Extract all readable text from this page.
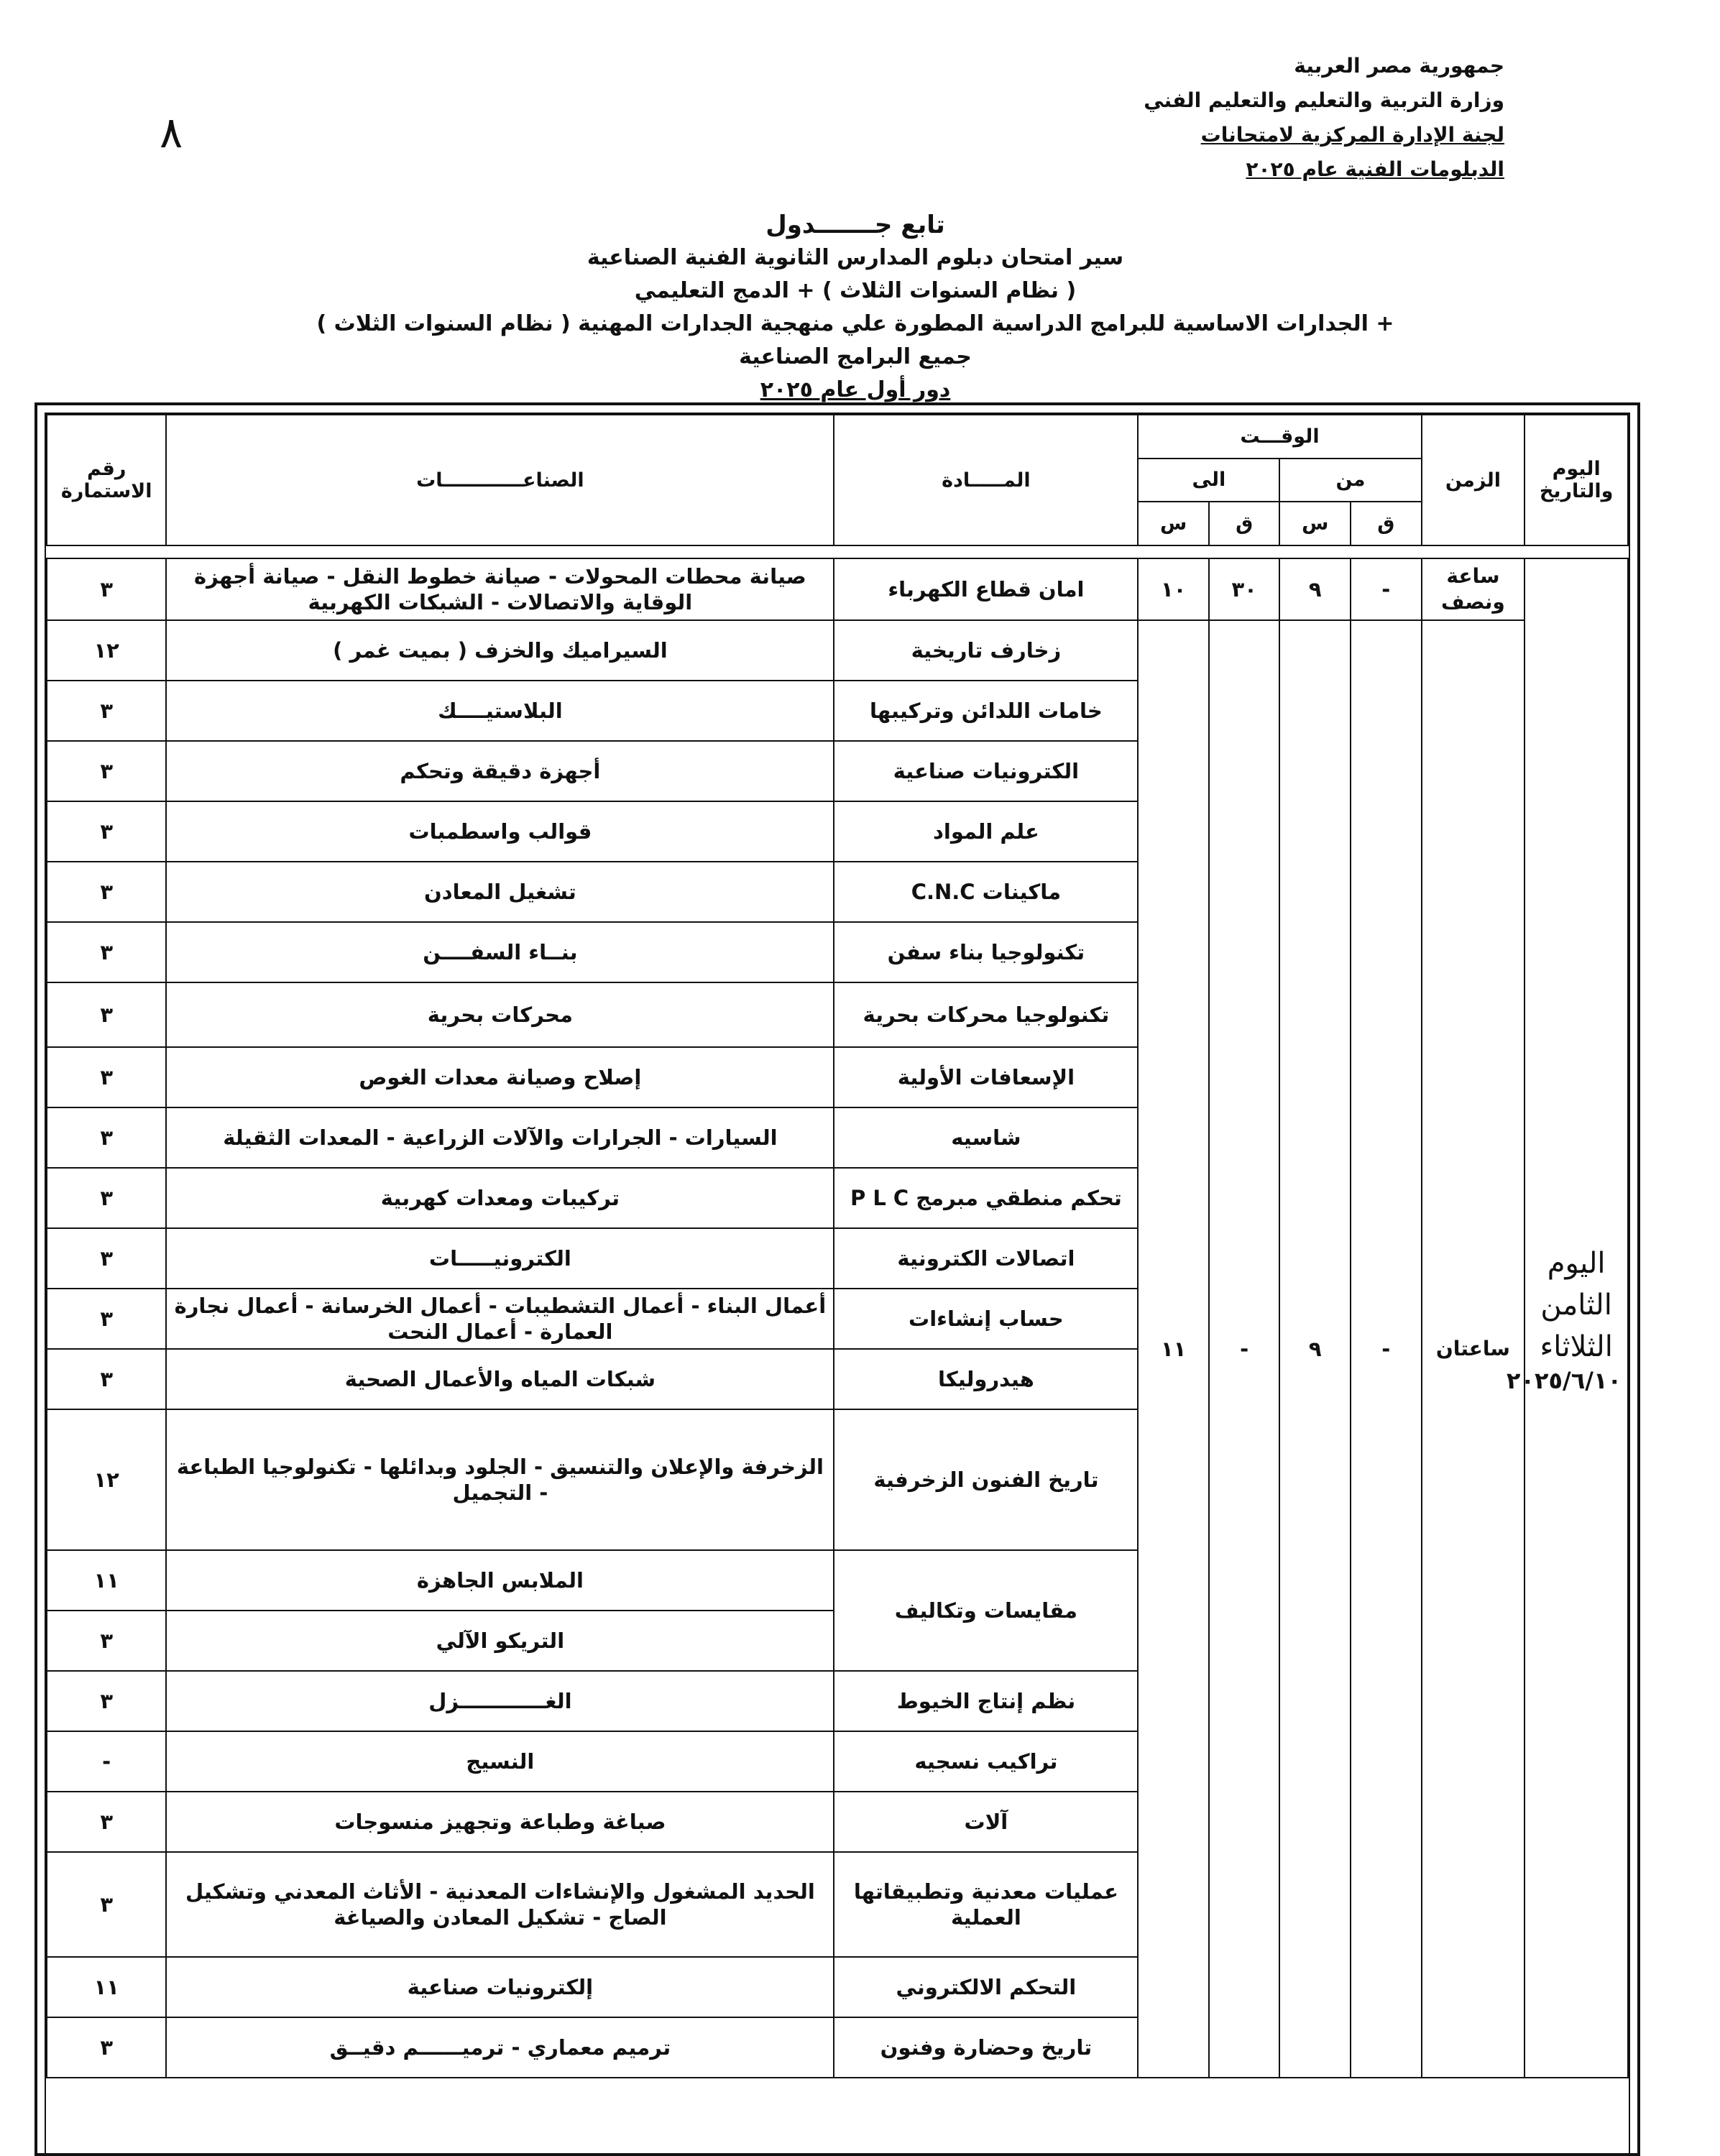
جمهورية مصر العربية
وزارة التربية والتعليم والتعليم الفني
لجنة الإدارة المركزية لامتحانات
الدبلومات الفنية عام ٢٠٢٥
٨
تابع جـــــــدول
سير امتحان دبلوم المدارس الثانوية الفنية الصناعية
( نظام السنوات الثلاث ) + الدمج التعليمي
+ الجدارات الاساسية للبرامج الدراسية المطورة علي منهجية الجدارات المهنية ( نظام السنوات الثلاث )
جميع البرامج الصناعية
دور أول عام ٢٠٢٥
اليوم والتاريخ	الزمن	الوقـــت				المـــــادة	الصناعــــــــــــات	رقم الاستمارة
		من		الى				
		ق	س	ق	س			
اليوم
الثامن
الثلاثاء
٢٠٢٥/٦/١٠	ساعة ونصف	-	٩	٣٠	١٠	امان قطاع الكهرباء	صيانة محطات المحولات - صيانة خطوط النقل - صيانة أجهزة الوقاية والاتصالات - الشبكات الكهربية	٣
	ساعتان	-	٩	-	١١	زخارف تاريخية	السيراميك والخزف ( بميت غمر )	١٢
						خامات اللدائن وتركيبها	البلاستيــــك	٣
						الكترونيات صناعية	أجهزة دقيقة وتحكم	٣
						علم المواد	قوالب واسطمبات	٣
						ماكينات C.N.C	تشغيل المعادن	٣
						تكنولوجيا بناء سفن	بنــاء السفــــن	٣
						تكنولوجيا محركات بحرية	محركات بحرية	٣
						الإسعافات الأولية	إصلاح وصيانة معدات الغوص	٣
						شاسيه	السيارات - الجرارات والآلات الزراعية - المعدات الثقيلة	٣
						تحكم منطقي مبرمج P L C	تركيبات ومعدات كهربية	٣
						اتصالات الكترونية	الكترونيـــــات	٣
						حساب إنشاءات	أعمال البناء - أعمال التشطيبات - أعمال الخرسانة - أعمال نجارة العمارة - أعمال النحت	٣
						هيدروليكا	شبكات المياه والأعمال الصحية	٣
						تاريخ الفنون الزخرفية	الزخرفة والإعلان والتنسيق - الجلود وبدائلها - تكنولوجيا الطباعة - التجميل	١٢
						مقايسات وتكاليف	الملابس الجاهزة	١١
							التريكو الآلي	٣
						نظم إنتاج الخيوط	الغــــــــــــزل	٣
						تراكيب نسجيه	النسيج	-
						آلات	صباغة وطباعة وتجهيز منسوجات	٣
						عمليات معدنية وتطبيقاتها العملية	الحديد المشغول والإنشاءات المعدنية - الأثاث المعدني وتشكيل الصاج - تشكيل المعادن والصياغة	٣
						التحكم الالكتروني	إلكترونيات صناعية	١١
						تاريخ وحضارة وفنون	ترميم معماري - ترميــــــم دقيــق	٣
